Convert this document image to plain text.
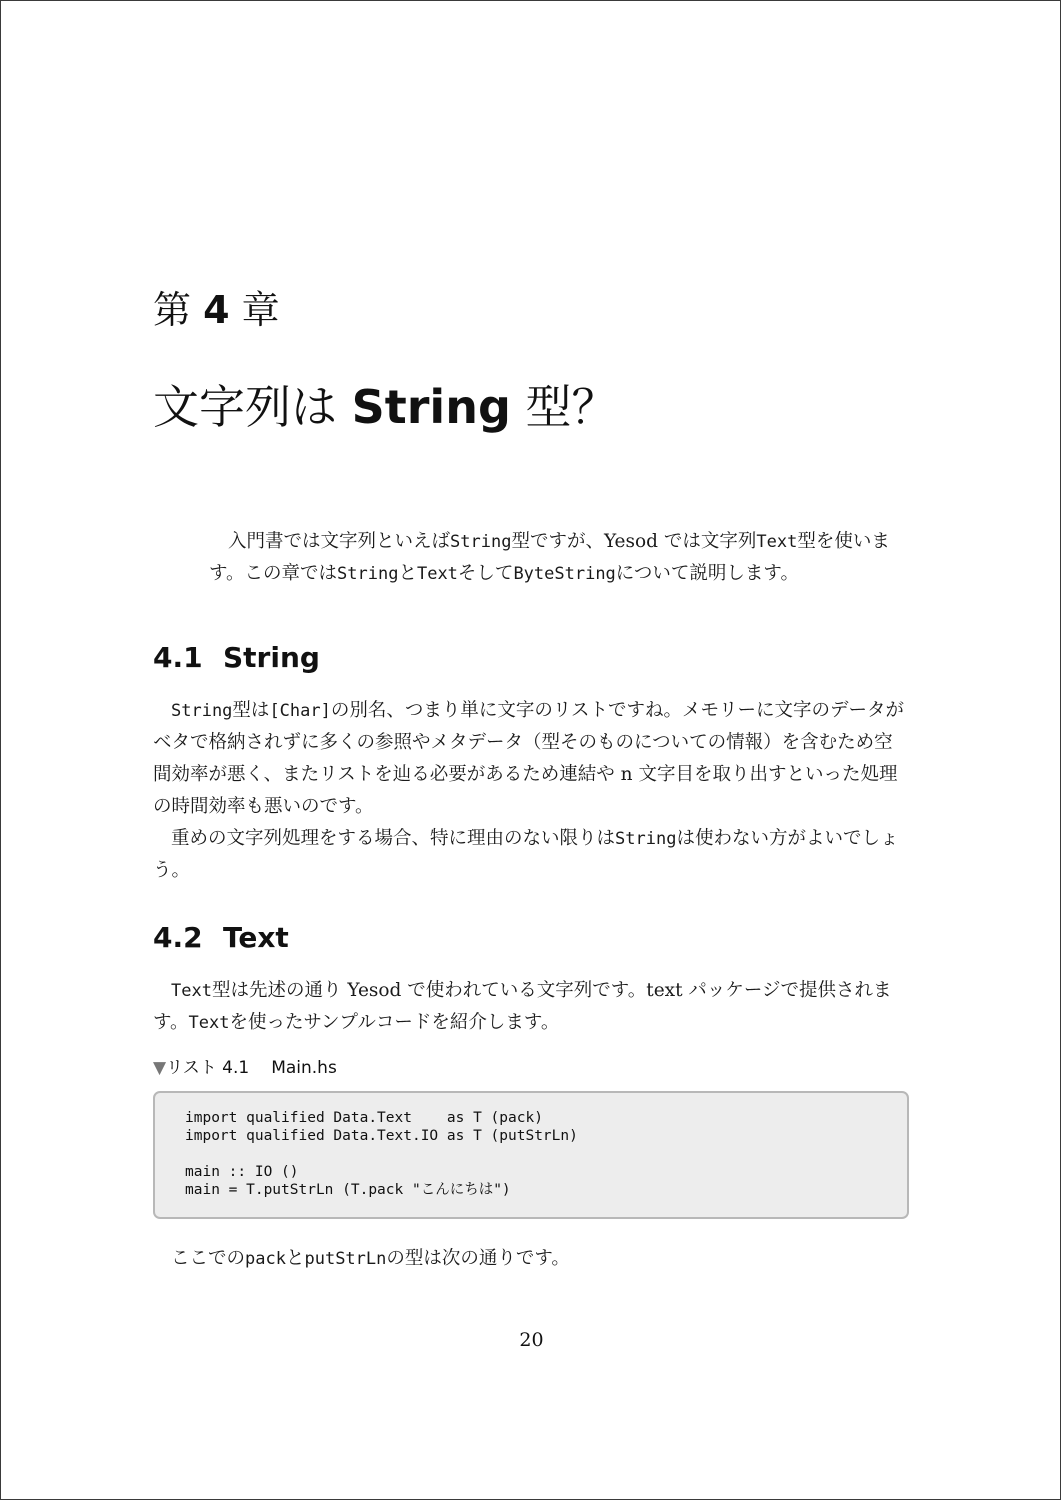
第 4 章
文字列は String 型？

入門書では文字列といえばString型ですが、Yesod では文字列Text型を使います。この章ではStringとTextそしてByteStringについて説明します。

4.1 String

String型は[Char]の別名、つまり単に文字のリストですね。メモリーに文字のデータがベタで格納されずに多くの参照やメタデータ（型そのものについての情報）を含むため空間効率が悪く、またリストを辿る必要があるため連結や n 文字目を取り出すといった処理の時間効率も悪いのです。

重めの文字列処理をする場合、特に理由のない限りはStringは使わない方がよいでしょう。

4.2 Text

Text型は先述の通り Yesod で使われている文字列です。text パッケージで提供されます。Textを使ったサンプルコードを紹介します。

▼リスト 4.1 Main.hs
import qualified Data.Text    as T (pack)
import qualified Data.Text.IO as T (putStrLn)

main :: IO ()
main = T.putStrLn (T.pack "こんにちは")

ここでのpackとputStrLnの型は次の通りです。

20
